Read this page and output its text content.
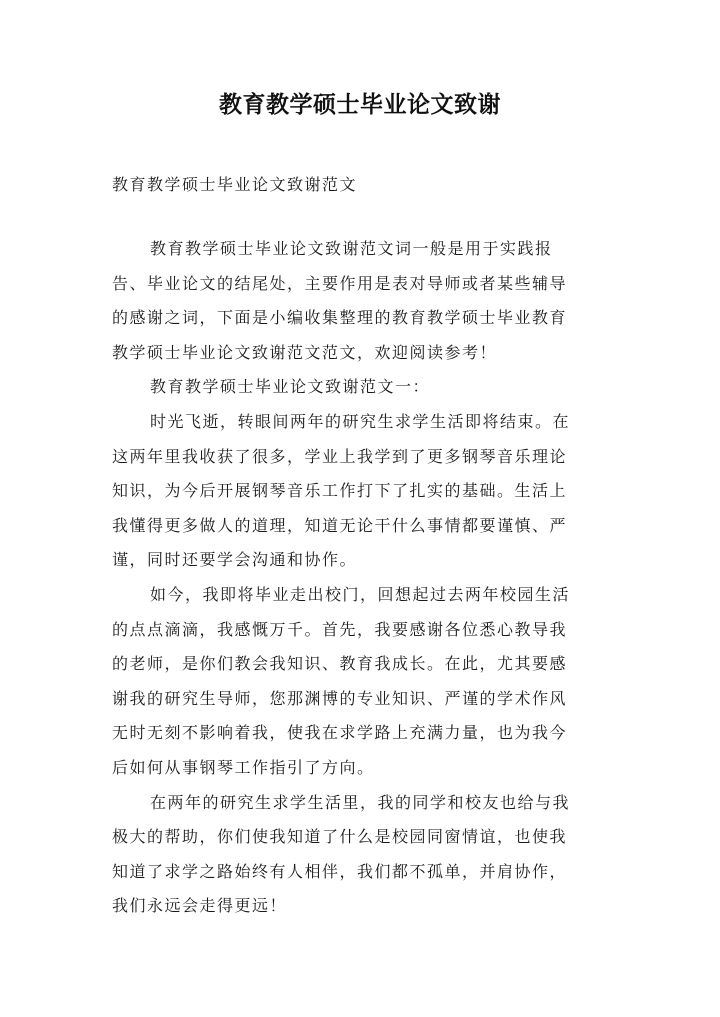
教育教学硕士毕业论文致谢
教育教学硕士毕业论文致谢范文
教育教学硕士毕业论文致谢范文词一般是用于实践报
告、毕业论文的结尾处，主要作用是表对导师或者某些辅导
的感谢之词，下面是小编收集整理的教育教学硕士毕业教育
教学硕士毕业论文致谢范文范文，欢迎阅读参考！
教育教学硕士毕业论文致谢范文一：
时光飞逝，转眼间两年的研究生求学生活即将结束。在
这两年里我收获了很多，学业上我学到了更多钢琴音乐理论
知识，为今后开展钢琴音乐工作打下了扎实的基础。生活上
我懂得更多做人的道理，知道无论干什么事情都要谨慎、严
谨，同时还要学会沟通和协作。
如今，我即将毕业走出校门，回想起过去两年校园生活
的点点滴滴，我感慨万千。首先，我要感谢各位悉心教导我
的老师，是你们教会我知识、教育我成长。在此，尤其要感
谢我的研究生导师，您那渊博的专业知识、严谨的学术作风
无时无刻不影响着我，使我在求学路上充满力量，也为我今
后如何从事钢琴工作指引了方向。
在两年的研究生求学生活里，我的同学和校友也给与我
极大的帮助，你们使我知道了什么是校园同窗情谊，也使我
知道了求学之路始终有人相伴，我们都不孤单，并肩协作，
我们永远会走得更远！
